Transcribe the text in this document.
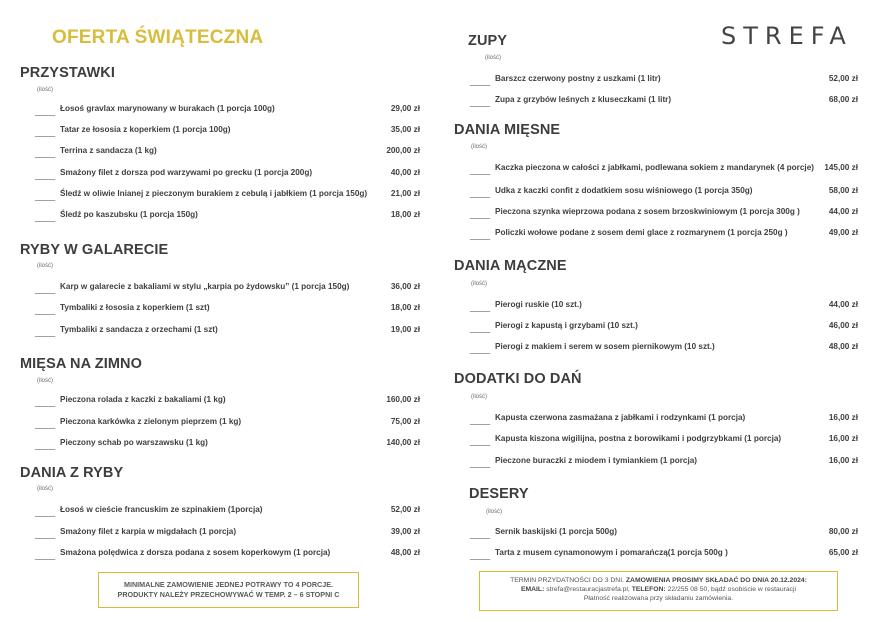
OFERTA ŚWIĄTECZNA	STREFA
PRZYSTAWKI
(ilość)
_____ Łosoś gravlax marynowany w burakach (1 porcja 100g)	29,00 zł
_____ Tatar ze łososia z koperkiem (1 porcja 100g)	35,00 zł
_____ Terrina z sandacza (1 kg)	200,00 zł
_____ Smażony filet z dorsza pod warzywami po grecku (1 porcja 200g)	40,00 zł
_____ Śledź w oliwie lnianej z pieczonym burakiem z cebulą i jabłkiem (1 porcja 150g)	21,00 zł
_____ Śledź po kaszubsku (1 porcja 150g)	18,00 zł
RYBY W GALARECIE
(ilość)
_____ Karp w galarecie z bakaliami w stylu „karpia po żydowsku” (1 porcja 150g)	36,00 zł
_____ Tymbaliki z łososia z koperkiem (1 szt)	18,00 zł
_____ Tymbaliki z sandacza z orzechami (1 szt)	19,00 zł
MIĘSA NA ZIMNO
(ilość)
_____ Pieczona rolada z kaczki z bakaliami (1 kg)	160,00 zł
_____ Pieczona karkówka z zielonym pieprzem (1 kg)	75,00 zł
_____ Pieczony schab po warszawsku (1 kg)	140,00 zł
DANIA Z RYBY
(ilość)
_____ Łosoś w cieście francuskim ze szpinakiem (1porcja)	52,00 zł
_____ Smażony filet z karpia w migdałach (1 porcja)	39,00 zł
_____ Smażona polędwica z dorsza podana z sosem koperkowym (1 porcja)	48,00 zł
ZUPY
(ilość)
_____ Barszcz czerwony postny z uszkami (1 litr)	52,00 zł
_____ Zupa z grzybów leśnych z kluseczkami (1 litr)	68,00 zł
DANIA MIĘSNE
(ilość)
_____ Kaczka pieczona w całości z jabłkami, podlewana sokiem z mandarynek (4 porcje) 145,00 zł
_____ Udka z kaczki confit z dodatkiem sosu wiśniowego (1 porcja 350g)	58,00 zł
_____ Pieczona szynka wieprzowa podana z sosem brzoskwiniowym (1 porcja 300g )	44,00 zł
_____ Policzki wołowe podane z sosem demi glace z rozmarynem (1 porcja 250g )	49,00 zł
DANIA MĄCZNE
(ilość)
_____ Pierogi ruskie (10 szt.)	44,00 zł
_____ Pierogi z kapustą i grzybami (10 szt.)	46,00 zł
_____ Pierogi z makiem i serem w sosem piernikowym (10 szt.)	48,00 zł
DODATKI DO DAŃ
(ilość)
_____ Kapusta czerwona zasmażana z jabłkami i rodzynkami (1 porcja)	16,00 zł
_____ Kapusta kiszona wigilijna, postna z borowikami i podgrzybkami (1 porcja)	16,00 zł
_____ Pieczone buraczki z miodem i tymiankiem (1 porcja)	16,00 zł
DESERY
(ilość)
_____ Sernik baskijski (1 porcja 500g)	80,00 zł
_____ Tarta z musem cynamonowym i pomarańczą(1 porcja 500g )	65,00 zł
MINIMALNE ZAMOWIENIE JEDNEJ POTRAWY TO 4 PORCJE.
PRODUKTY NALEŻY PRZECHOWYWAĆ W TEMP. 2 – 6 STOPNI C
TERMIN PRZYDATNOŚCI DO 3 DNI. ZAMOWIENIA PROSIMY SKŁADAĆ DO DNIA 20.12.2024:
EMAIL: strefa@restauracjastrefa.pl, TELEFON: 22/255 08 50, bądź osobiście w restauracji
Płatność realizowana przy składaniu zamówienia.
